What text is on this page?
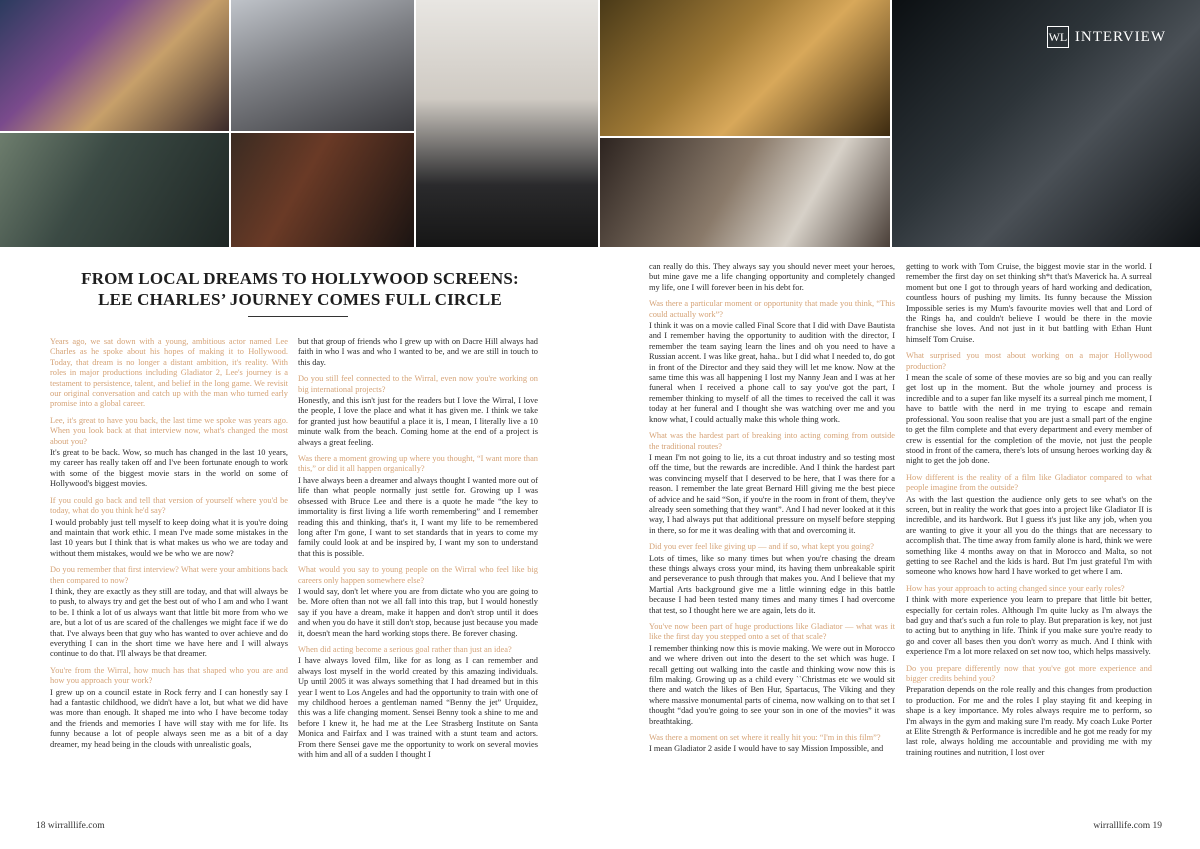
WL INTERVIEW
FROM LOCAL DREAMS TO HOLLYWOOD SCREENS:
LEE CHARLES’ JOURNEY COMES FULL CIRCLE
Years ago, we sat down with a young, ambitious actor named Lee Charles as he spoke about his hopes of making it to Hollywood. Today, that dream is no longer a distant ambition, it's reality. With roles in major productions including Gladiator 2, Lee's journey is a testament to persistence, talent, and belief in the long game. We revisit our original conversation and catch up with the man who turned early promise into a global career.
Lee, it's great to have you back, the last time we spoke was years ago. When you look back at that interview now, what's changed the most about you?
It's great to be back. Wow, so much has changed in the last 10 years, my career has really taken off and I've been fortunate enough to work with some of the biggest movie stars in the world on some of Hollywood's biggest movies.
If you could go back and tell that version of yourself where you'd be today, what do you think he'd say?
I would probably just tell myself to keep doing what it is you're doing and maintain that work ethic. I mean I've made some mistakes in the last 10 years but I think that is what makes us who we are today and without them mistakes, would we be who we are now?
Do you remember that first interview? What were your ambitions back then compared to now?
I think, they are exactly as they still are today, and that will always be to push, to always try and get the best out of who I am and who I want to be. I think a lot of us always want that little bit more from who we are, but a lot of us are scared of the challenges we might face if we do that. I've always been that guy who has wanted to over achieve and do everything I can in the short time we have here and I will always continue to do that. I'll always be that dreamer.
You're from the Wirral, how much has that shaped who you are and how you approach your work?
I grew up on a council estate in Rock ferry and I can honestly say I had a fantastic childhood, we didn't have a lot, but what we did have was more than enough. It shaped me into who I have become today and the friends and memories I have will stay with me for life. Its funny because a lot of people always seen me as a bit of a day dreamer, my head being in the clouds with unrealistic goals,
but that group of friends who I grew up with on Dacre Hill always had faith in who I was and who I wanted to be, and we are still in touch to this day.
Do you still feel connected to the Wirral, even now you're working on big international projects?
Honestly, and this isn't just for the readers but I love the Wirral, I love the people, I love the place and what it has given me. I think we take for granted just how beautiful a place it is, I mean, I literally live a 10 minute walk from the beach. Coming home at the end of a project is always a great feeling.
Was there a moment growing up where you thought, “I want more than this,” or did it all happen organically?
I have always been a dreamer and always thought I wanted more out of life than what people normally just settle for. Growing up I was obsessed with Bruce Lee and there is a quote he made “the key to immortality is first living a life worth remembering” and I remember reading this and thinking, that's it, I want my life to be remembered long after I'm gone, I want to set standards that in years to come my family could look at and be inspired by, I want my son to understand that this is possible.
What would you say to young people on the Wirral who feel like big careers only happen somewhere else?
I would say, don't let where you are from dictate who you are going to be. More often than not we all fall into this trap, but I would honestly say if you have a dream, make it happen and don't strop until it does and when you do have it still don't stop, because just because you made it, doesn't mean the hard working stops there. Be forever chasing.
When did acting become a serious goal rather than just an idea?
I have always loved film, like for as long as I can remember and always lost myself in the world created by this amazing individuals. Up until 2005 it was always something that I had dreamed but in this year I went to Los Angeles and had the opportunity to train with one of my childhood heroes a gentleman named “Benny the jet” Urquidez, this was a life changing moment. Sensei Benny took a shine to me and before I knew it, he had me at the Lee Strasberg Institute on Santa Monica and Fairfax and I was trained with a stunt team and actors. From there Sensei gave me the opportunity to work on several movies with him and all of a sudden I thought I
can really do this. They always say you should never meet your heroes, but mine gave me a life changing opportunity and completely changed my life, one I will forever been in his debt for.
Was there a particular moment or opportunity that made you think, “This could actually work”?
I think it was on a movie called Final Score that I did with Dave Bautista and I remember having the opportunity to audition with the director, I remember the team saying learn the lines and oh you need to have a Russian accent. I was like great, haha.. but I did what I needed to, do got in front of the Director and they said they will let me know. Now at the same time this was all happening I lost my Nanny Jean and I was at her funeral when I received a phone call to say you've got the part, I remember thinking to myself of all the times to received the call it was today at her funeral and I thought she was watching over me and you know what, I could actually make this whole thing work.
What was the hardest part of breaking into acting coming from outside the traditional routes?
I mean I'm not going to lie, its a cut throat industry and so testing most off the time, but the rewards are incredible. And I think the hardest part was convincing myself that I deserved to be here, that I was there for a reason. I remember the late great Bernard Hill giving me the best piece of advice and he said “Son, if you're in the room in front of them, they've already seen something that they want”. And I had never looked at it this way, I had always put that additional pressure on myself before stepping in there, so for me it was dealing with that and overcoming it.
Did you ever feel like giving up — and if so, what kept you going?
Lots of times, like so many times but when you're chasing the dream these things always cross your mind, its having them unbreakable spirit and perseverance to push through that makes you. And I believe that my Martial Arts background give me a little winning edge in this battle because I had been tested many times and many times I had overcome that test, so I thought here we are again, lets do it.
You've now been part of huge productions like Gladiator — what was it like the first day you stepped onto a set of that scale?
I remember thinking now this is movie making. We were out in Morocco and we where driven out into the desert to the set which was huge. I recall getting out walking into the castle and thinking wow now this is film making. Growing up as a child every ``Christmas etc we would sit there and watch the likes of Ben Hur, Spartacus, The Viking and they where massive monumental parts of cinema, now walking on to that set I thought “dad you're going to see your son in one of the movies” it was breathtaking.
Was there a moment on set where it really hit you: “I'm in this film”?
I mean Gladiator 2 aside I would have to say Mission Impossible, and
getting to work with Tom Cruise, the biggest movie star in the world. I remember the first day on set thinking sh*t that's Maverick ha. A surreal moment but one I got to through years of hard working and dedication, countless hours of pushing my limits. Its funny because the Mission Impossible series is my Mum's favourite movies well that and Lord of the Rings ha, and couldn't believe I would be there in the movie franchise she loves. And not just in it but battling with Ethan Hunt himself Tom Cruise.
What surprised you most about working on a major Hollywood production?
I mean the scale of some of these movies are so big and you can really get lost up in the moment. But the whole journey and process is incredible and to a super fan like myself its a surreal pinch me moment, I have to battle with the nerd in me trying to escape and remain professional. You soon realise that you are just a small part of the engine to get the film complete and that every department and every member of crew is essential for the completion of the movie, not just the people stood in front of the camera, there's lots of unsung heroes working day & night to get the job done.
How different is the reality of a film like Gladiator compared to what people imagine from the outside?
As with the last question the audience only gets to see what's on the screen, but in reality the work that goes into a project like Gladiator II is incredible, and its hardwork. But I guess it's just like any job, when you are wanting to give it your all you do the things that are necessary to accomplish that. The time away from family alone is hard, think we were something like 4 months away on that in Morocco and Malta, so not getting to see Rachel and the kids is hard. But I'm just grateful I'm with someone who knows how hard I have worked to get where I am.
How has your approach to acting changed since your early roles?
I think with more experience you learn to prepare that little bit better, especially for certain roles. Although I'm quite lucky as I'm always the bad guy and that's such a fun role to play. But preparation is key, not just to acting but to anything in life. Think if you make sure you're ready to go and cover all bases then you don't worry as much. And I think with experience I'm a lot more relaxed on set now too, which helps massively.
Do you prepare differently now that you've got more experience and bigger credits behind you?
Preparation depends on the role really and this changes from production to production. For me and the roles I play staying fit and keeping in shape is a key importance. My roles always require me to perform, so I'm always in the gym and making sure I'm ready. My coach Luke Porter at Elite Strength & Performance is incredible and he got me ready for my last role, always holding me accountable and providing me with my training routines and nutrition, I lost over
18 wirralllife.com	wirralllife.com 19
